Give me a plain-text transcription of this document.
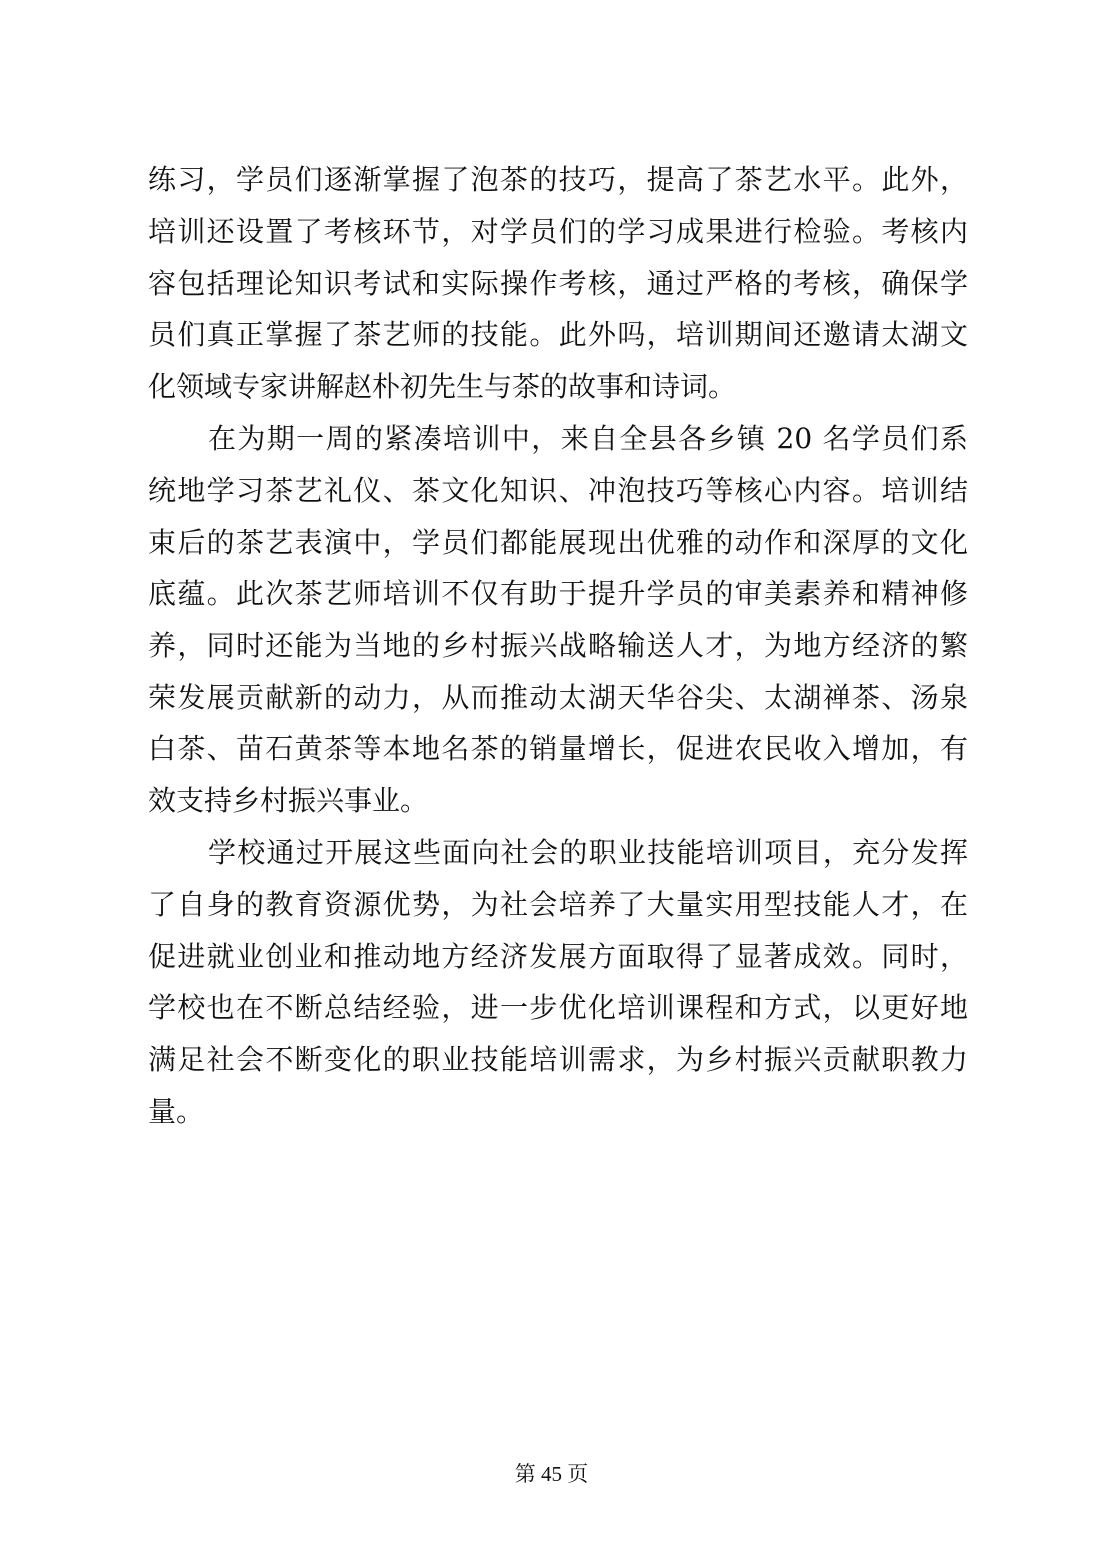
练习，学员们逐渐掌握了泡茶的技巧，提高了茶艺水平。此外，
培训还设置了考核环节，对学员们的学习成果进行检验。考核内
容包括理论知识考试和实际操作考核，通过严格的考核，确保学
员们真正掌握了茶艺师的技能。此外吗，培训期间还邀请太湖文
化领域专家讲解赵朴初先生与茶的故事和诗词。
在为期一周的紧凑培训中，来自全县各乡镇 20 名学员们系
统地学习茶艺礼仪、茶文化知识、冲泡技巧等核心内容。培训结
束后的茶艺表演中，学员们都能展现出优雅的动作和深厚的文化
底蕴。此次茶艺师培训不仅有助于提升学员的审美素养和精神修
养，同时还能为当地的乡村振兴战略输送人才，为地方经济的繁
荣发展贡献新的动力，从而推动太湖天华谷尖、太湖禅茶、汤泉
白茶、苗石黄茶等本地名茶的销量增长，促进农民收入增加，有
效支持乡村振兴事业。
学校通过开展这些面向社会的职业技能培训项目，充分发挥
了自身的教育资源优势，为社会培养了大量实用型技能人才，在
促进就业创业和推动地方经济发展方面取得了显著成效。同时，
学校也在不断总结经验，进一步优化培训课程和方式，以更好地
满足社会不断变化的职业技能培训需求，为乡村振兴贡献职教力
量。
第 45 页
